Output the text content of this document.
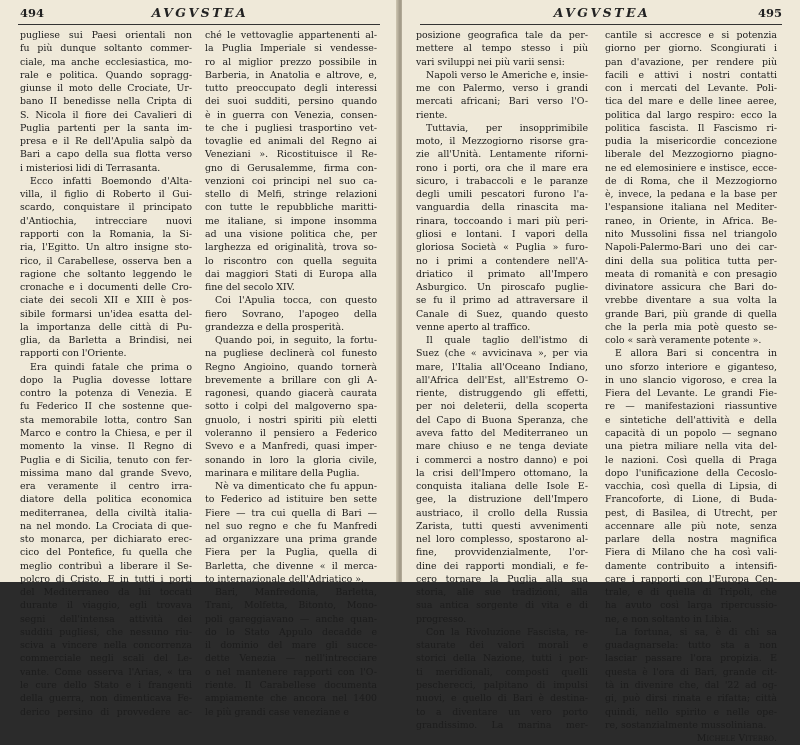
494	AVGVSTEA
pugliese sui Paesi orientali non
fu più dunque soltanto commer-
ciale, ma anche ecclesiastica, mo-
rale e politica. Quando sopragg-
giunse il moto delle Crociate, Ur-
bano II benedisse nella Cripta di
S. Nicola il fiore dei Cavalieri di
Puglia partenti per la santa im-
presa e il Re dell'Apulia salpò da
Bari a capo della sua flotta verso
i misteriosi lidi di Terrasanta.
Ecco infatti Boemondo d'Alta-
villa, il figlio di Roberto il Gui-
scardo, conquistare il principato
d'Antiochia, intrecciare nuovi
rapporti con la Romania, la Si-
ria, l'Egitto. Un altro insigne sto-
rico, il Carabellese, osserva ben a
ragione che soltanto leggendo le
cronache e i documenti delle Cro-
ciate dei secoli XII e XIII è pos-
sibile formarsi un'idea esatta del-
la importanza delle città di Pu-
glia, da Barletta a Brindisi, nei
rapporti con l'Oriente.
Era quindi fatale che prima o
dopo la Puglia dovesse lottare
contro la potenza di Venezia. E
fu Federico II che sostenne que-
sta memorabile lotta, contro San
Marco e contro la Chiesa, e per il
momento la vinse. Il Regno di
Puglia e di Sicilia, tenuto con fer-
missima mano dal grande Svevo,
era veramente il centro irra-
diatore della politica economica
mediterranea, della civiltà italia-
na nel mondo. La Crociata di que-
sto monarca, per dichiarato erec-
cico del Pontefice, fu quella che
meglio contribuì a liberare il Se-
polcro di Cristo. E in tutti i porti
del Mediterraneo da lui toccati
durante il viaggio, egli trovava
segni dell'intensa attività dei
sudditi pugliesi, che nessuno riu-
sciva a vincere nella concorrenza
commerciale negli scali del Le-
vante. Come osserva l'Arias, « tra
le cure dello Stato e i frangenti
della guerra, non dimenticava Fe-
derico persino di provvedere ac-
ché le vettovaglie appartenenti al-
la Puglia Imperiale si vendesse-
ro al miglior prezzo possibile in
Barberia, in Anatolia e altrove, e,
tutto preoccupato degli interessi
dei suoi sudditi, persino quando
è in guerra con Venezia, consen-
te che i pugliesi trasportino vet-
tovaglie ed animali del Regno ai
Veneziani ». Ricostituisce il Re-
gno di Gerusalemme, firma con-
venzioni coi principi nel suo ca-
stello di Melfi, stringe relazioni
con tutte le repubbliche maritti-
me italiane, si impone insomma
ad una visione politica che, per
larghezza ed originalità, trova so-
lo riscontro con quella seguita
dai maggiori Stati di Europa alla
fine del secolo XIV.
Coi l'Apulia tocca, con questo
fiero Sovrano, l'apogeo della
grandezza e della prosperità.
Quando poi, in seguito, la fortu-
na pugliese declinerà col funesto
Regno Angioino, quando tornerà
brevemente a brillare con gli A-
ragonesi, quando giacerà caurata
sotto i colpi del malgoverno spa-
gnuolo, i nostri spiriti più eletti
voleranno il pensiero a Federico
Svevo e a Manfredi, quasi imper-
sonando in loro la gloria civile,
marinara e militare della Puglia.
Nè va dimenticato che fu appun-
to Federico ad istituire ben sette
Fiere — tra cui quella di Bari —
nel suo regno e che fu Manfredi
ad organizzare una prima grande
Fiera per la Puglia, quella di
Barletta, che divenne « il merca-
to internazionale dell'Adriatico ».
Bari, Manfredonia, Barletta,
Trani, Molfetta, Bitonto, Mono-
poli gareggiavano — anche quan-
do lo Stato Appulo decadde e
il dominio del mare gli succe-
dette Venezia — nell'intrecciare
o nel mantenere rapporti con l'O-
riente. Il Carabellese documenta
ampiamente che ancora nel 1400
le più grandi case veneziane e
AVGVSTEA	495
posizione geografica tale da per-
mettere al tempo stesso i più
vari sviluppi nei più varii sensi:
Napoli verso le Americhe e, insie-
me con Palermo, verso i grandi
mercati africani; Bari verso l'O-
riente.
Tuttavia, per insopprimibile
moto, il Mezzogiorno risorse gra-
zie all'Unità. Lentamente riforni-
rono i porti, ora che il mare era
sicuro, i trabaccoli e le paranze
degli umili pescatori furono l'a-
vanguardia della rinascita ma-
rinara, tocco​ando i mari più peri-
gliosi e lontani. I vapori della
gloriosa Società « Puglia » furo-
no i primi a contendere nell'A-
driatico il primato all'Impero
Asburgico. Un piroscafo puglie-
se fu il primo ad attraversare il
Canale di Suez, quando questo
venne aperto al traffico.
Il quale taglio dell'istmo di
Suez (che « avvicinava », per via
mare, l'Italia all'Oceano Indiano,
all'Africa dell'Est, all'Estremo O-
riente, distruggendo gli effetti,
per noi deleterii, della scoperta
del Capo di Buona Speranza, che
aveva fatto del Mediterraneo un
mare chiuso e ne tenga deviate
i commerci a nostro danno) e poi
la crisi dell'Impero ottomano, la
conquista italiana delle Isole E-
gee, la distruzione dell'Impero
austriaco, il crollo della Russia
Zarista, tutti questi avvenimenti
nel loro complesso, spostarono al-
fine, provvidenzialmente, l'or-
dine dei rapporti mondiali, e fe-
cero tornare la Puglia alla sua
storia, alle sue tradizioni, alla
sua antica sorgente di vita e di
progresso.
Con la Rivoluzione Fascista, re-
staurate dei valori morali e
storici della Nazione, tutti i por-
ti meridionali, composti quelli
pescherecci, palpitano di impulsi
nuovi, e quello di Bari è destina-
to a diventare un vero porto
grandissimo. La marina mer-
cantile si accresce e si potenzia
giorno per giorno. Scongiurati i
pan d'avazione, per rendere più
facili e attivi i nostri contatti
con i mercati del Levante. Poli-
tica del mare e delle linee aeree,
politica dal largo respiro: ecco la
politica fascista. Il Fascismo ri-
pudia la misericordie concezione
liberale del Mezzogiorno piagno-
ne ed elemosiniere e instisce, ecce-
de di Roma, che il Mezzogiorno
è, invece, la pedana e la base per
l'espansione italiana nel Mediter-
raneo, in Oriente, in Africa. Be-
nito Mussolini fissa nel triangolo
Napoli-Palermo-Bari uno dei car-
dini della sua politica tutta per-
meata di romanità e con presagio
divinatore assicura che Bari do-
vrebbe diventare a sua volta la
grande Bari, più grande di quella
che la perla mia potè questo se-
colo « sarà veramente potente ».
E allora Bari si concentra in
uno sforzo interiore e giganteso,
in uno slancio vigoroso, e crea la
Fiera del Levante. Le grandi Fie-
re — manifestazioni riassuntive
e sintetiche dell'attività e della
capacità di un popolo — segnano
una pietra miliare nella vita del-
le nazioni. Così quella di Praga
dopo l'unificazione della Cecoslo-
vacchia, così quella di Lipsia, di
Francoforte, di Lione, di Buda-
pest, di Basilea, di Utrecht, per
accennare alle più note, senza
parlare della nostra magnifica
Fiera di Milano che ha così vali-
damente contribuito a intensifi-
care i rapporti con l'Europa Cen-
trale, e di quella di Tripoli, che
ha avuto così larga ripercussio-
ne, e non soltanto in Libia.
La fortuna, si sa, è di chi sa
guadagnarsela: tutto sta a non
lasciar passare l'ora propizia. E
questa è l'ora di Bari, grande cit-
tà in divenire che, dal '22 ad og-
gi, può dirsi rinata e rifatta; città
quindi, nello spirito e nelle ope-
re, sostanzialmente mussoliniana.
Michele Viterbo.
